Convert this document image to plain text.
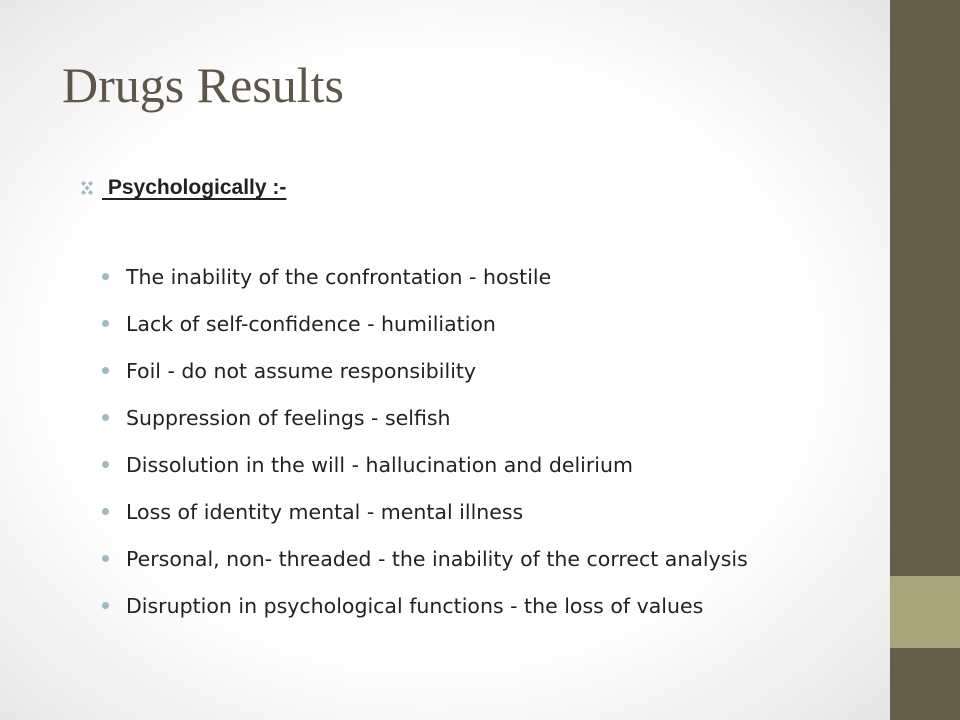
Drugs Results
Psychologically :-
The inability of the confrontation - hostile
Lack of self-confidence - humiliation
Foil - do not assume responsibility
Suppression of feelings - selfish
Dissolution in the will - hallucination and delirium
Loss of identity mental - mental illness
Personal, non- threaded - the inability of the correct analysis
Disruption in psychological functions - the loss of values
